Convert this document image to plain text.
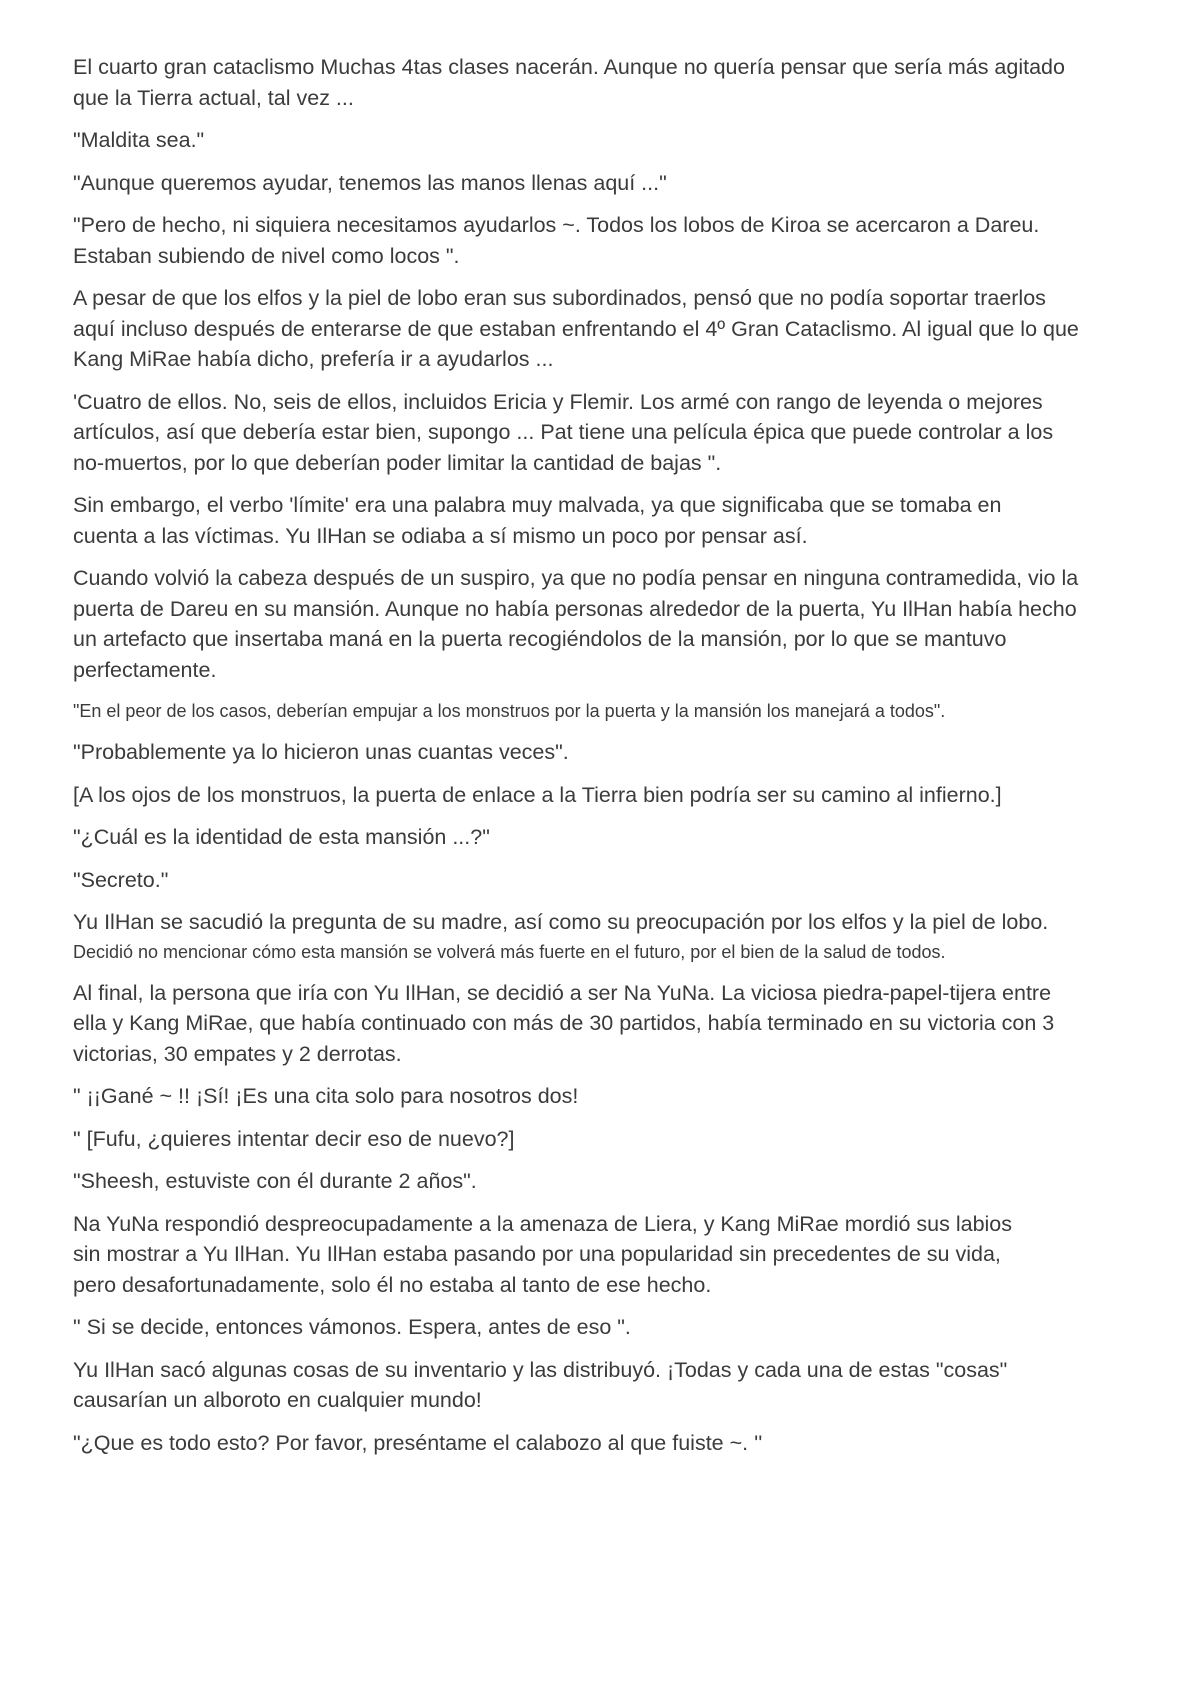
El cuarto gran cataclismo Muchas 4tas clases nacerán. Aunque no quería pensar que sería más agitado
que la Tierra actual, tal vez ...

"Maldita sea."

"Aunque queremos ayudar, tenemos las manos llenas aquí ..."

"Pero de hecho, ni siquiera necesitamos ayudarlos ~. Todos los lobos de Kiroa se acercaron a Dareu.
Estaban subiendo de nivel como locos ".

A pesar de que los elfos y la piel de lobo eran sus subordinados, pensó que no podía soportar traerlos
aquí incluso después de enterarse de que estaban enfrentando el 4º Gran Cataclismo. Al igual que lo que
Kang MiRae había dicho, prefería ir a ayudarlos ...

'Cuatro de ellos. No, seis de ellos, incluidos Ericia y Flemir. Los armé con rango de leyenda o mejores
artículos, así que debería estar bien, supongo ... Pat tiene una película épica que puede controlar a los
no-muertos, por lo que deberían poder limitar la cantidad de bajas ".

Sin embargo, el verbo 'límite' era una palabra muy malvada, ya que significaba que se tomaba en
cuenta a las víctimas. Yu IlHan se odiaba a sí mismo un poco por pensar así.

Cuando volvió la cabeza después de un suspiro, ya que no podía pensar en ninguna contramedida, vio la
puerta de Dareu en su mansión. Aunque no había personas alrededor de la puerta, Yu IlHan había hecho
un artefacto que insertaba maná en la puerta recogiéndolos de la mansión, por lo que se mantuvo
perfectamente.

"En el peor de los casos, deberían empujar a los monstruos por la puerta y la mansión los manejará a todos".

"Probablemente ya lo hicieron unas cuantas veces".

[A los ojos de los monstruos, la puerta de enlace a la Tierra bien podría ser su camino al infierno.]

"¿Cuál es la identidad de esta mansión ...?"

"Secreto."

Yu IlHan se sacudió la pregunta de su madre, así como su preocupación por los elfos y la piel de lobo.
Decidió no mencionar cómo esta mansión se volverá más fuerte en el futuro, por el bien de la salud de todos.

Al final, la persona que iría con Yu IlHan, se decidió a ser Na YuNa. La viciosa piedra-papel-tijera entre
ella y Kang MiRae, que había continuado con más de 30 partidos, había terminado en su victoria con 3
victorias, 30 empates y 2 derrotas.

" ¡¡Gané ~ !! ¡Sí! ¡Es una cita solo para nosotros dos!

" [Fufu, ¿quieres intentar decir eso de nuevo?]

"Sheesh, estuviste con él durante 2 años".

Na YuNa respondió despreocupadamente a la amenaza de Liera, y Kang MiRae mordió sus labios
sin mostrar a Yu IlHan. Yu IlHan estaba pasando por una popularidad sin precedentes de su vida,
pero desafortunadamente, solo él no estaba al tanto de ese hecho.

" Si se decide, entonces vámonos. Espera, antes de eso ".

Yu IlHan sacó algunas cosas de su inventario y las distribuyó. ¡Todas y cada una de estas "cosas"
causarían un alboroto en cualquier mundo!

"¿Que es todo esto? Por favor, preséntame el calabozo al que fuiste ~. ''
